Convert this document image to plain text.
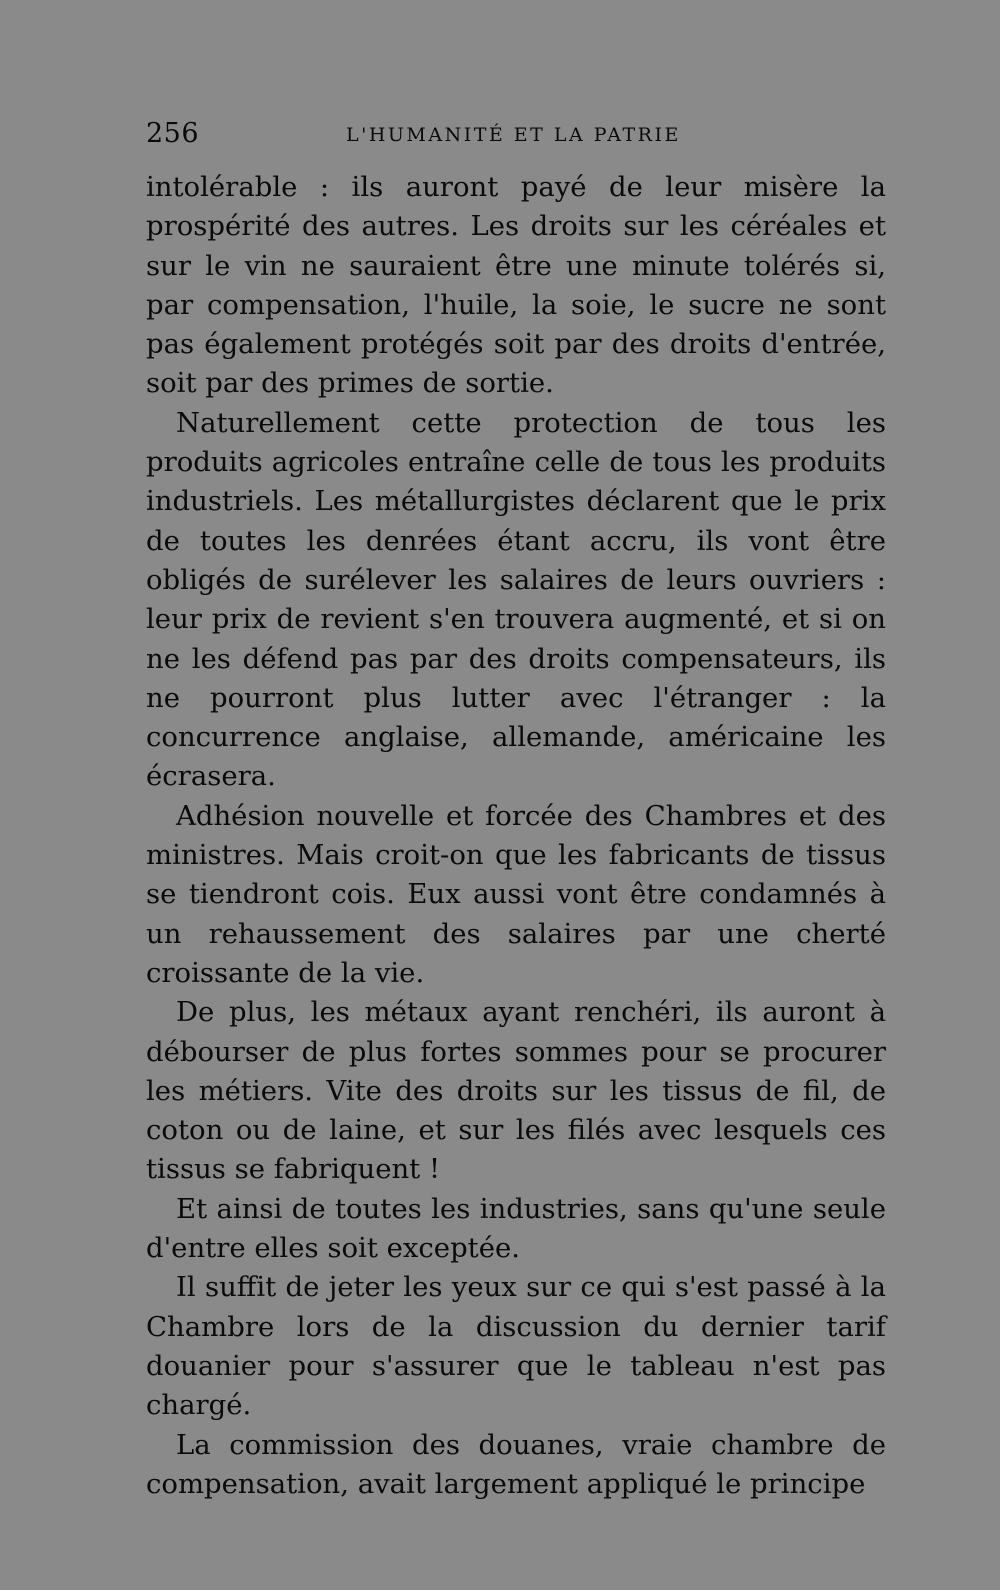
256	L'HUMANITÉ ET LA PATRIE

intolérable : ils auront payé de leur misère la prospérité des autres. Les droits sur les céréales et sur le vin ne sauraient être une minute tolérés si, par compensation, l'huile, la soie, le sucre ne sont pas également protégés soit par des droits d'entrée, soit par des primes de sortie.

Naturellement cette protection de tous les produits agricoles entraîne celle de tous les produits industriels. Les métallurgistes déclarent que le prix de toutes les denrées étant accru, ils vont être obligés de surélever les salaires de leurs ouvriers : leur prix de revient s'en trouvera augmenté, et si on ne les défend pas par des droits compensateurs, ils ne pourront plus lutter avec l'étranger : la concurrence anglaise, allemande, américaine les écrasera.

Adhésion nouvelle et forcée des Chambres et des ministres. Mais croit-on que les fabricants de tissus se tiendront cois. Eux aussi vont être condamnés à un rehaussement des salaires par une cherté croissante de la vie.

De plus, les métaux ayant renchéri, ils auront à débourser de plus fortes sommes pour se procurer les métiers. Vite des droits sur les tissus de fil, de coton ou de laine, et sur les filés avec lesquels ces tissus se fabriquent !

Et ainsi de toutes les industries, sans qu'une seule d'entre elles soit exceptée.

Il suffit de jeter les yeux sur ce qui s'est passé à la Chambre lors de la discussion du dernier tarif douanier pour s'assurer que le tableau n'est pas chargé.

La commission des douanes, vraie chambre de compensation, avait largement appliqué le principe
